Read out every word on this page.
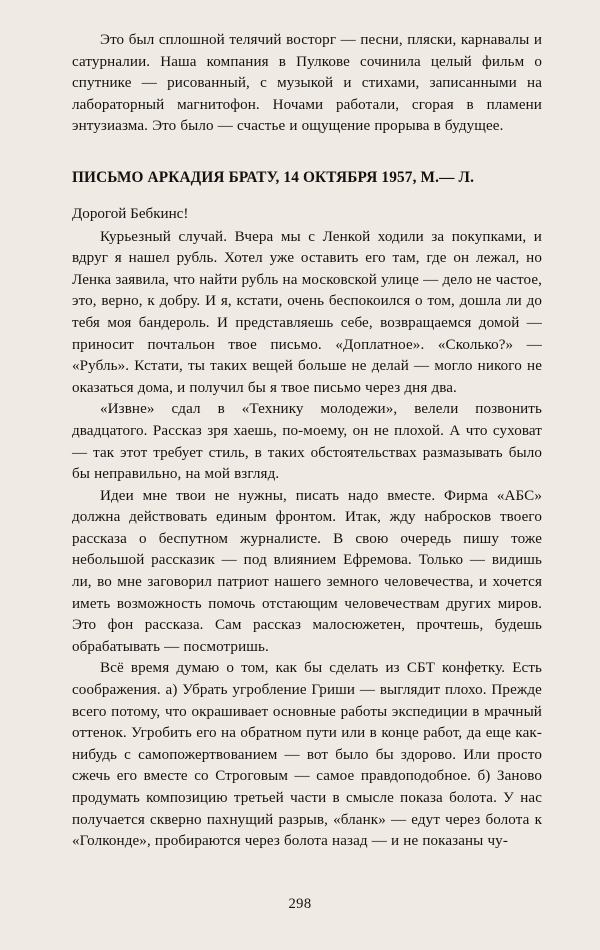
Это был сплошной телячий восторг — песни, пляски, карнавалы и сатурналии. Наша компания в Пулкове сочинила целый фильм о спутнике — рисованный, с музыкой и стихами, записанными на лабораторный магнитофон. Ночами работали, сгорая в пламени энтузиазма. Это было — счастье и ощущение прорыва в будущее.

ПИСЬМО АРКАДИЯ БРАТУ, 14 ОКТЯБРЯ 1957, М.— Л.

Дорогой Бебкинс!

Курьезный случай. Вчера мы с Ленкой ходили за покупками, и вдруг я нашел рубль. Хотел уже оставить его там, где он лежал, но Ленка заявила, что найти рубль на московской улице — дело не частое, это, верно, к добру. И я, кстати, очень беспокоился о том, дошла ли до тебя моя бандероль. И представляешь себе, возвращаемся домой — приносит почтальон твое письмо. «Доплатное». «Сколько?» — «Рубль». Кстати, ты таких вещей больше не делай — могло никого не оказаться дома, и получил бы я твое письмо через дня два.

«Извне» сдал в «Технику молодежи», велели позвонить двадцатого. Рассказ зря хаешь, по-моему, он не плохой. А что суховат — так этот требует стиль, в таких обстоятельствах размазывать было бы неправильно, на мой взгляд.

Идеи мне твои не нужны, писать надо вместе. Фирма «АБС» должна действовать единым фронтом. Итак, жду набросков твоего рассказа о беспутном журналисте. В свою очередь пишу тоже небольшой рассказик — под влиянием Ефремова. Только — видишь ли, во мне заговорил патриот нашего земного человечества, и хочется иметь возможность помочь отстающим человечествам других миров. Это фон рассказа. Сам рассказ малосюжетен, прочтешь, будешь обрабатывать — посмотришь.

Всё время думаю о том, как бы сделать из СБТ конфетку. Есть соображения. а) Убрать угробление Гриши — выглядит плохо. Прежде всего потому, что окрашивает основные работы экспедиции в мрачный оттенок. Угробить его на обратном пути или в конце работ, да еще как-нибудь с самопожертвованием — вот было бы здорово. Или просто сжечь его вместе со Строговым — самое правдоподобное. б) Заново продумать композицию третьей части в смысле показа болота. У нас получается скверно пахнущий разрыв, «бланк» — едут через болота к «Голконде», пробираются через болота назад — и не показаны чу-

298
